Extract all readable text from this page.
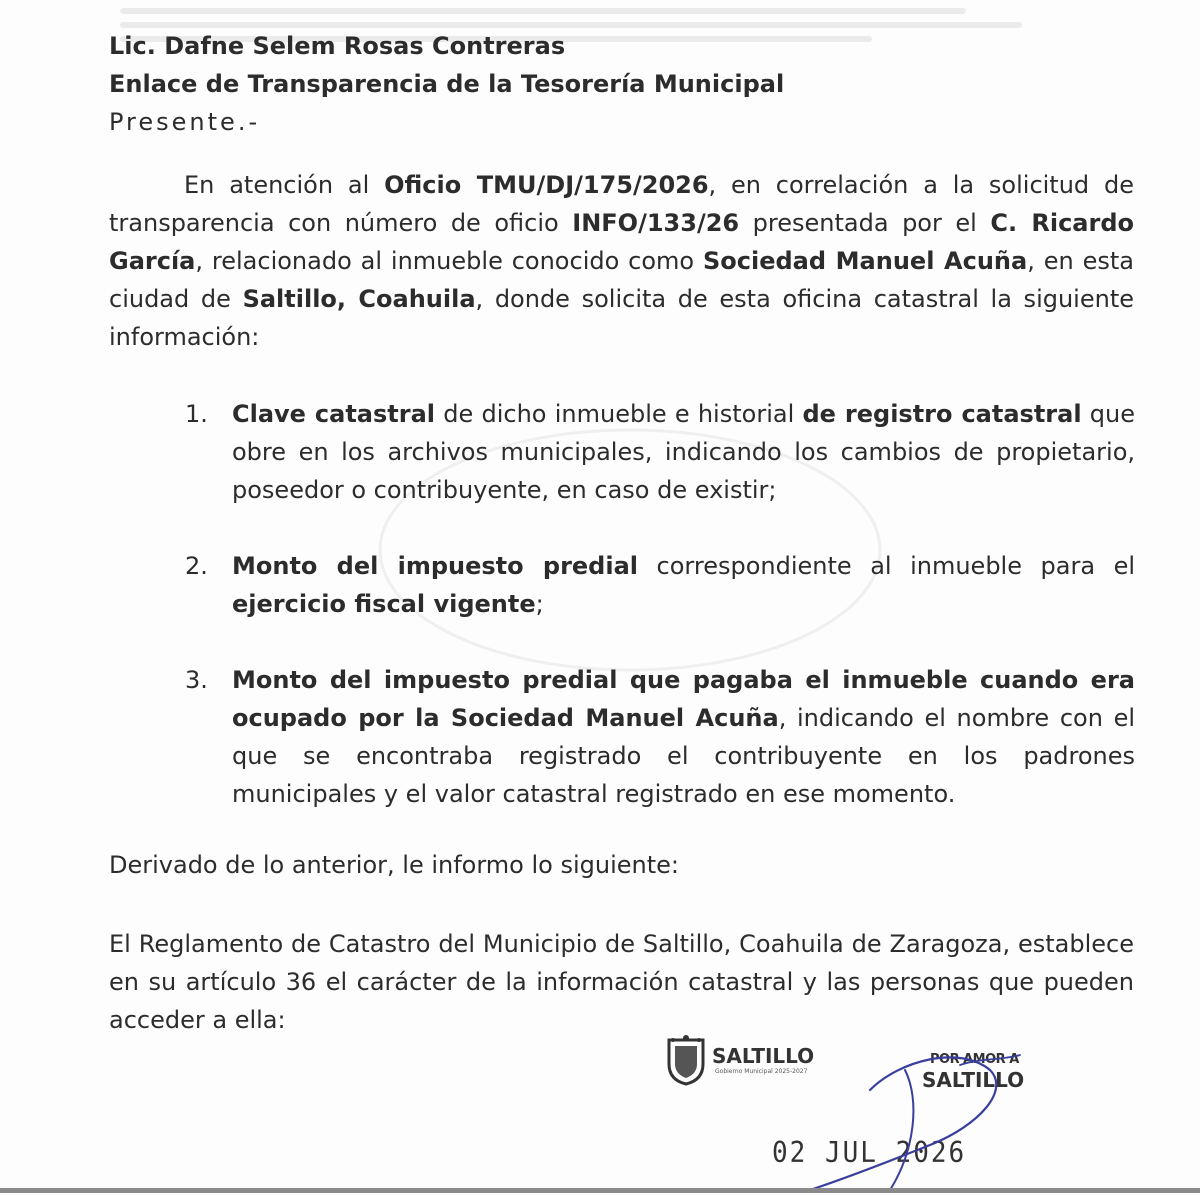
Lic. Dafne Selem Rosas Contreras
Enlace de Transparencia de la Tesorería Municipal
Presente.-
En atención al Oficio TMU/DJ/175/2026, en correlación a la solicitud de transparencia con número de oficio INFO/133/26 presentada por el C. Ricardo García, relacionado al inmueble conocido como Sociedad Manuel Acuña, en esta ciudad de Saltillo, Coahuila, donde solicita de esta oficina catastral la siguiente información:
1.	Clave catastral de dicho inmueble e historial de registro catastral que obre en los archivos municipales, indicando los cambios de propietario, poseedor o contribuyente, en caso de existir;
2.	Monto del impuesto predial correspondiente al inmueble para el ejercicio fiscal vigente;
3.	Monto del impuesto predial que pagaba el inmueble cuando era ocupado por la Sociedad Manuel Acuña, indicando el nombre con el que se encontraba registrado el contribuyente en los padrones municipales y el valor catastral registrado en ese momento.
Derivado de lo anterior, le informo lo siguiente:
El Reglamento de Catastro del Municipio de Saltillo, Coahuila de Zaragoza, establece en su artículo 36 el carácter de la información catastral y las personas que pueden acceder a ella:
SALTILLO
Gobierno Municipal 2025-2027
POR AMOR A
SALTILLO
02 JUL 2026
